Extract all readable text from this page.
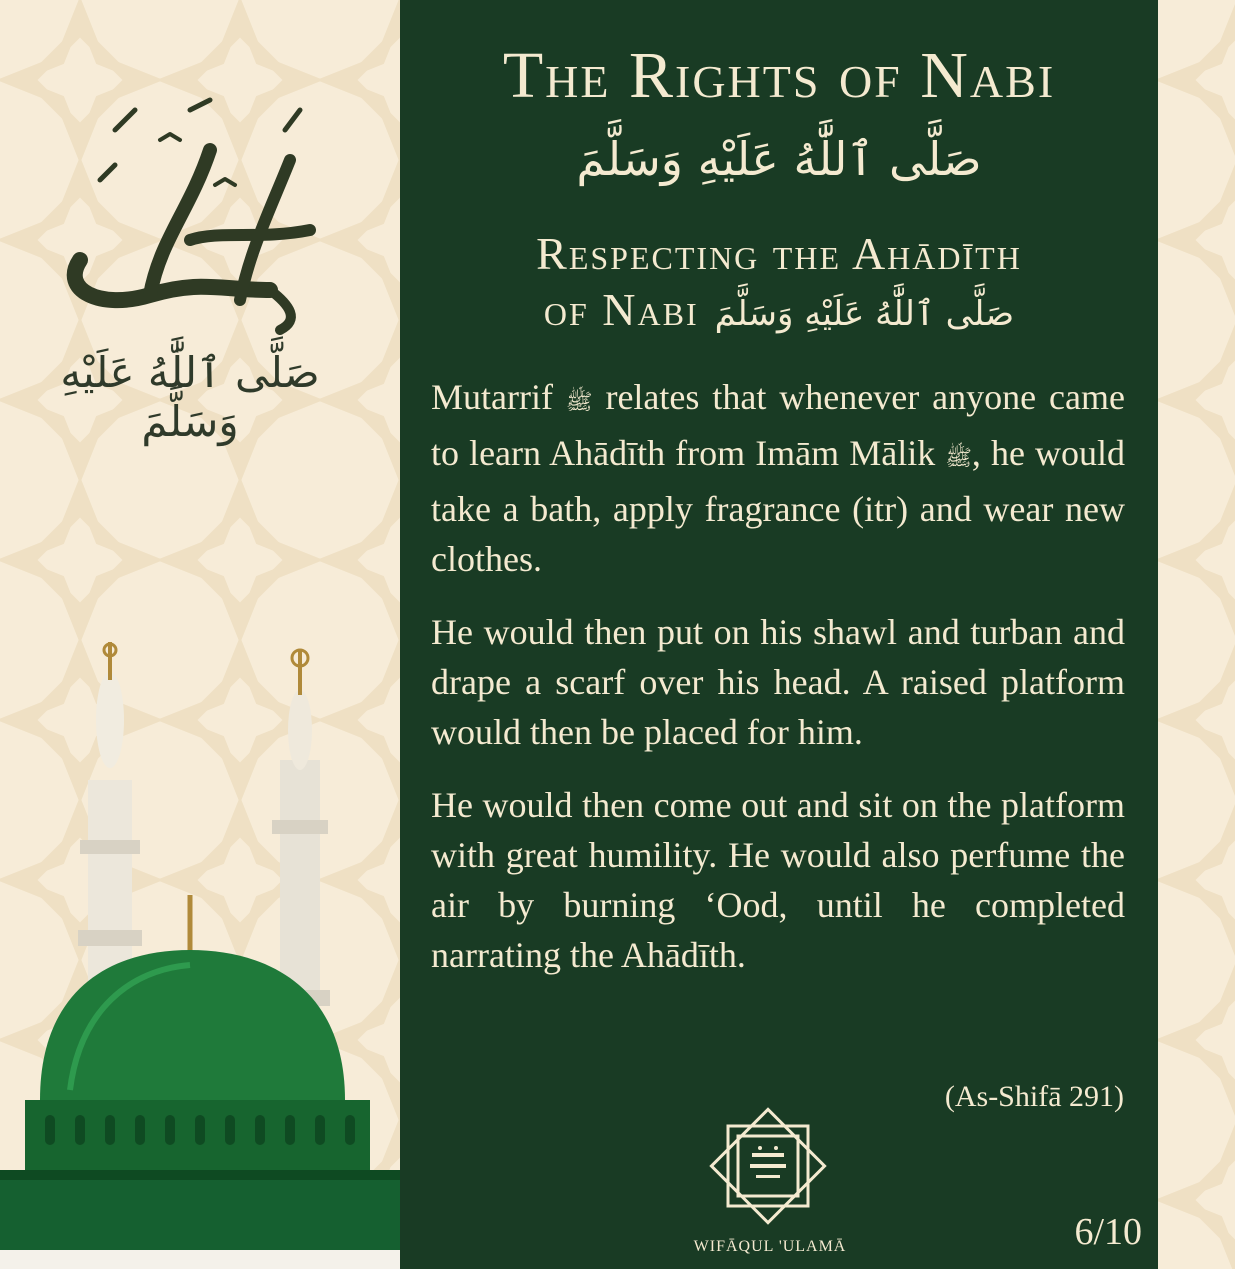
صَلَّى ٱللَّٰهُ عَلَيْهِ وَسَلَّمَ
The Rights of Nabi
صَلَّى ٱللَّٰهُ عَلَيْهِ وَسَلَّمَ
Respecting the Ahādīth
of Nabi صَلَّى ٱللَّٰهُ عَلَيْهِ وَسَلَّمَ

Mutarrif ﷺ relates that whenever anyone came to learn Ahādīth from Imām Mālik ﷺ, he would take a bath, apply fragrance (itr) and wear new clothes.

He would then put on his shawl and turban and drape a scarf over his head. A raised platform would then be placed for him.

He would then come out and sit on the platform with great humility. He would also perfume the air by burning ‘Ood, until he completed narrating the Ahādīth.

(As-Shifā 291)
WIFĀQUL 'ULAMĀ	6/10
